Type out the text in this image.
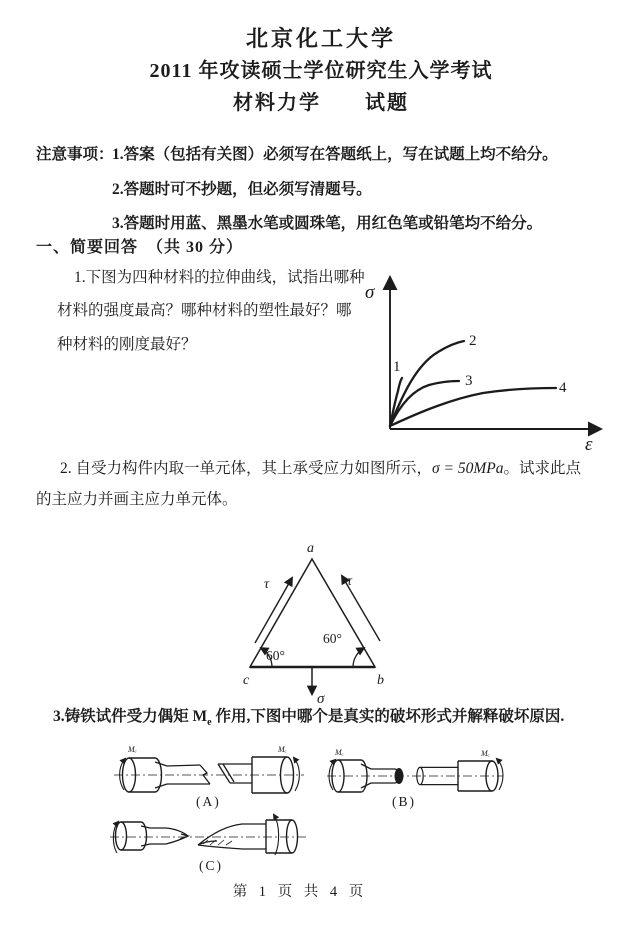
北京化工大学
2011 年攻读硕士学位研究生入学考试
材料力学　　试题
注意事项：
1.答案（包括有关图）必须写在答题纸上，写在试题上均不给分。
2.答题时可不抄题，但必须写清题号。
3.答题时用蓝、黑墨水笔或圆珠笔，用红色笔或铅笔均不给分。
一、简要回答　（共 30 分）
1.下图为四种材料的拉伸曲线，试指出哪种
材料的强度最高？哪种材料的塑性最好？哪
种材料的刚度最好？
σ
ε
1
2
3	4
2. 自受力构件内取一单元体，其上承受应力如图所示，σ = 50MPa。试求此点
的主应力并画主应力单元体。
a
c	b
τ	τ
60°
60°
σ
3.铸铁试件受力偶矩 $M_e$ 作用,下图中哪个是真实的破坏形式并解释破坏原因.
Mₑ	Mₑ	Mₑ	Mₑ
(A)	(B)
(C)
第 1 页 共 4 页
